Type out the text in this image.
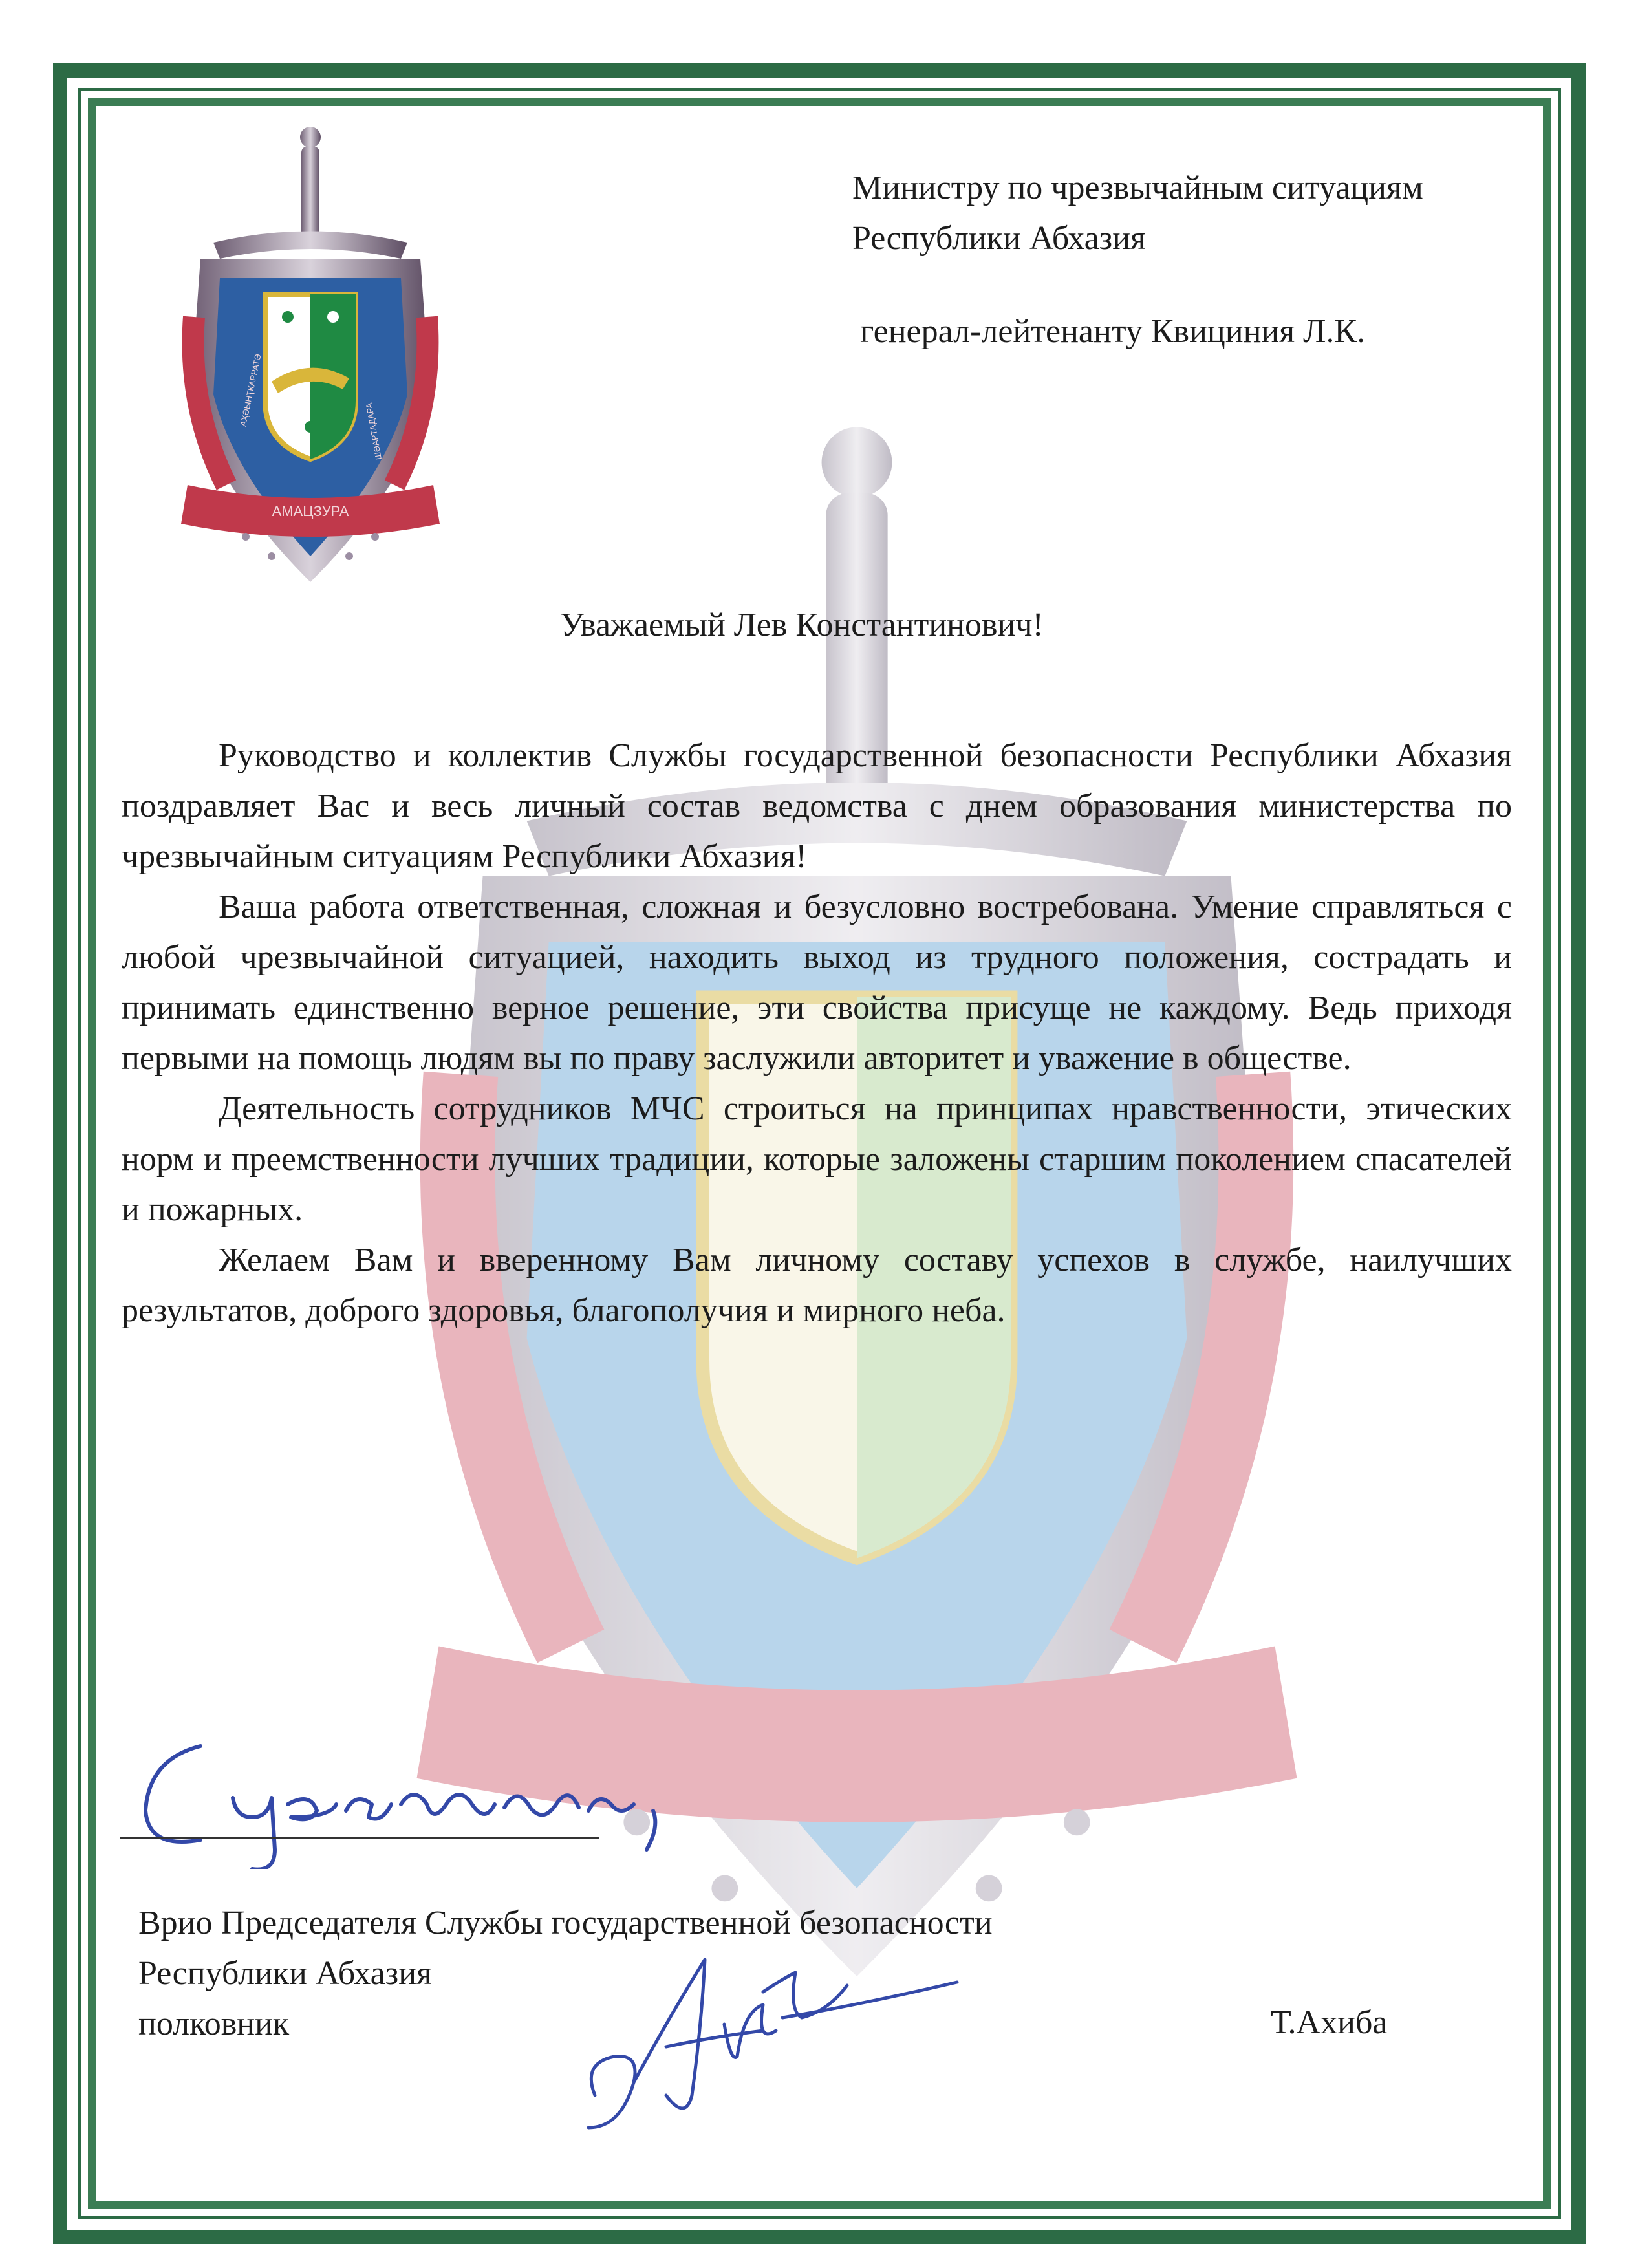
АМАЦЗУРА
АҲӘЫНҬКАРРАТӘ
ШӘАРТАДАРА
Министру по чрезвычайным ситуациям
Республики Абхазия
генерал-лейтенанту Квициния Л.К.
Уважаемый Лев Константинович!

Руководство и коллектив Службы государственной безопасности Республики Абхазия поздравляет Вас и весь личный состав ведомства с днем образования министерства по чрезвычайным ситуациям Республики Абхазия!

Ваша работа ответственная, сложная и безусловно востребована. Умение справляться с любой чрезвычайной ситуацией, находить выход из трудного положения, сострадать и принимать единственно верное решение, эти свойства присуще не каждому. Ведь приходя первыми на помощь людям вы по праву заслужили авторитет и уважение в обществе.

Деятельность сотрудников МЧС строиться на принципах нравственности, этических норм и преемственности лучших традиции, которые заложены старшим поколением спасателей и пожарных.

Желаем Вам и вверенному Вам личному составу успехов в службе, наилучших результатов, доброго здоровья, благополучия и мирного неба.

Врио Председателя Службы государственной безопасности
Республики Абхазия
полковник	Т.Ахиба
